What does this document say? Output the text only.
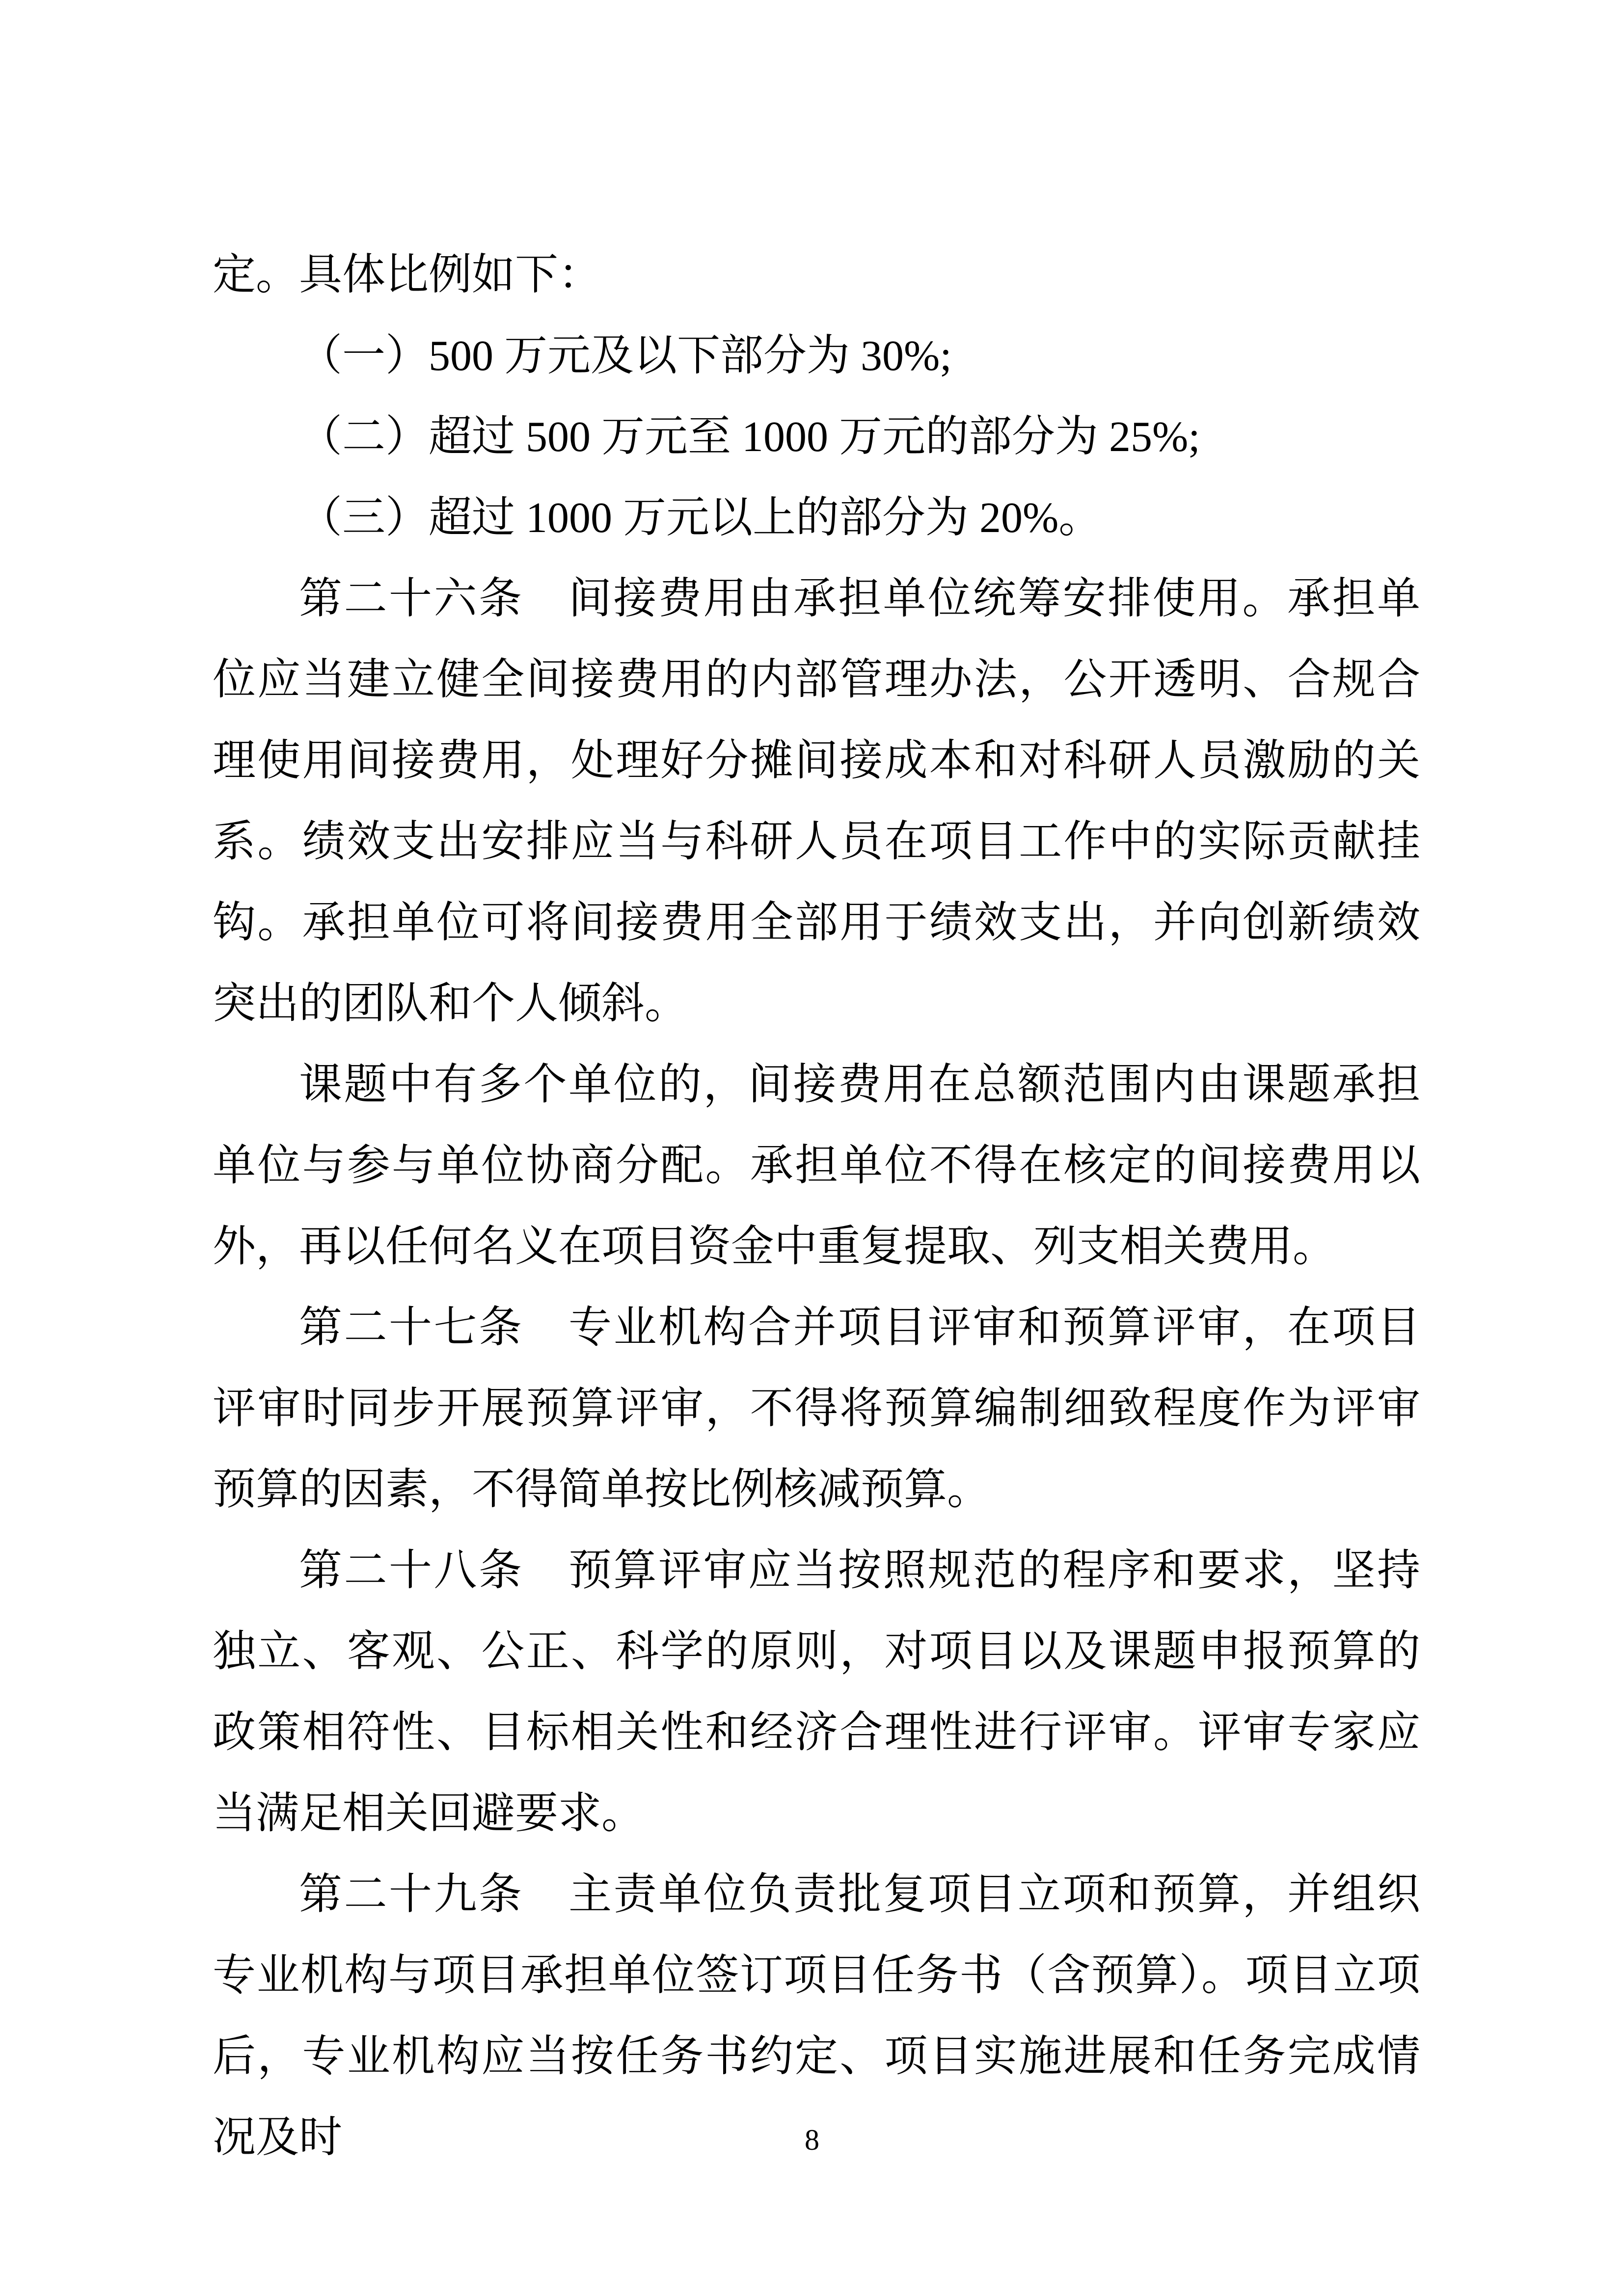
定。具体比例如下：

（一）500 万元及以下部分为 30%;

（二）超过 500 万元至 1000 万元的部分为 25%;

（三）超过 1000 万元以上的部分为 20%。

第二十六条　间接费用由承担单位统筹安排使用。承担单位应当建立健全间接费用的内部管理办法，公开透明、合规合理使用间接费用，处理好分摊间接成本和对科研人员激励的关系。绩效支出安排应当与科研人员在项目工作中的实际贡献挂钩。承担单位可将间接费用全部用于绩效支出，并向创新绩效突出的团队和个人倾斜。

课题中有多个单位的，间接费用在总额范围内由课题承担单位与参与单位协商分配。承担单位不得在核定的间接费用以外，再以任何名义在项目资金中重复提取、列支相关费用。

第二十七条　专业机构合并项目评审和预算评审，在项目评审时同步开展预算评审，不得将预算编制细致程度作为评审预算的因素，不得简单按比例核减预算。

第二十八条　预算评审应当按照规范的程序和要求，坚持独立、客观、公正、科学的原则，对项目以及课题申报预算的政策相符性、目标相关性和经济合理性进行评审。评审专家应当满足相关回避要求。

第二十九条　主责单位负责批复项目立项和预算，并组织专业机构与项目承担单位签订项目任务书（含预算）。项目立项后，专业机构应当按任务书约定、项目实施进展和任务完成情况及时	8
